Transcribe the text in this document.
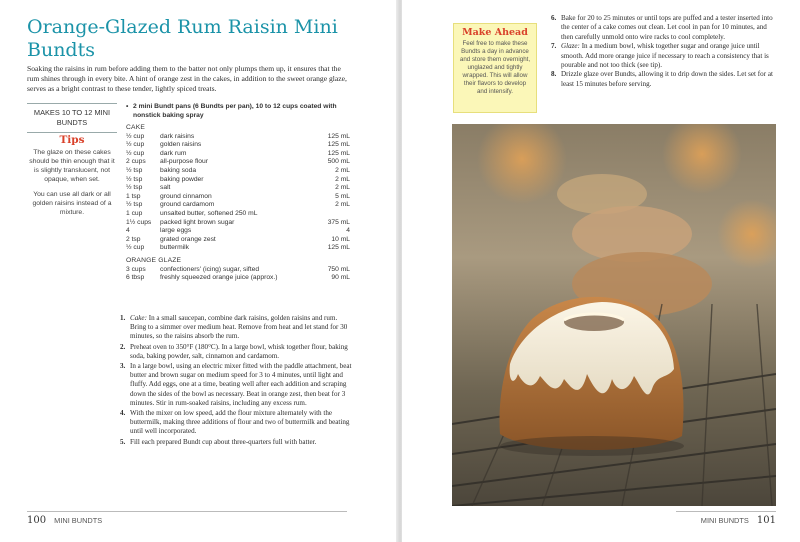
Orange-Glazed Rum Raisin Mini Bundts

Soaking the raisins in rum before adding them to the batter not only plumps them up, it ensures that the rum shines through in every bite. A hint of orange zest in the cakes, in addition to the sweet orange glaze, serves as a bright contrast to these tender, lightly spiced treats.

MAKES 10 TO 12 MINI BUNDTS
Tips

The glaze on these cakes should be thin enough that it is slightly translucent, not opaque, when set.

You can use all dark or all golden raisins instead of a mixture.

• 2 mini Bundt pans (6 Bundts per pan), 10 to 12 cups coated with nonstick baking spray
CAKE
½ cup	dark raisins	125 mL
½ cup	golden raisins	125 mL
½ cup	dark rum	125 mL
2 cups	all-purpose flour	500 mL
½ tsp	baking soda	2 mL
½ tsp	baking powder	2 mL
½ tsp	salt	2 mL
1 tsp	ground cinnamon	5 mL
½ tsp	ground cardamom	2 mL
1 cup	unsalted butter, softened 250 mL
1½ cups	packed light brown sugar	375 mL
4	large eggs	4
2 tsp	grated orange zest	10 mL
½ cup	buttermilk	125 mL
ORANGE GLAZE
3 cups	confectioners' (icing) sugar, sifted	750 mL
6 tbsp	freshly squeezed orange juice (approx.)	90 mL
1. Cake: In a small saucepan, combine dark raisins, golden raisins and rum. Bring to a simmer over medium heat. Remove from heat and let stand for 30 minutes, so the raisins absorb the rum.
2. Preheat oven to 350°F (180°C). In a large bowl, whisk together flour, baking soda, baking powder, salt, cinnamon and cardamom.
3. In a large bowl, using an electric mixer fitted with the paddle attachment, beat butter and brown sugar on medium speed for 3 to 4 minutes, until light and fluffy. Add eggs, one at a time, beating well after each addition and scraping down the sides of the bowl as necessary. Beat in orange zest, then beat for 3 minutes. Stir in rum-soaked raisins, including any excess rum.
4. With the mixer on low speed, add the flour mixture alternately with the buttermilk, making three additions of flour and two of buttermilk and beating until well incorporated.
5. Fill each prepared Bundt cup about three-quarters full with batter.
100 MINI BUNDTS
Make Ahead

Feel free to make these Bundts a day in advance and store them overnight, unglazed and tightly wrapped. This will allow their flavors to develop and intensify.

6. Bake for 20 to 25 minutes or until tops are puffed and a tester inserted into the center of a cake comes out clean. Let cool in pan for 10 minutes, and then carefully unmold onto wire racks to cool completely.
7. Glaze: In a medium bowl, whisk together sugar and orange juice until smooth. Add more orange juice if necessary to reach a consistency that is pourable and not too thick (see tip).
8. Drizzle glaze over Bundts, allowing it to drip down the sides. Let set for at least 15 minutes before serving.
MINI BUNDTS 101
